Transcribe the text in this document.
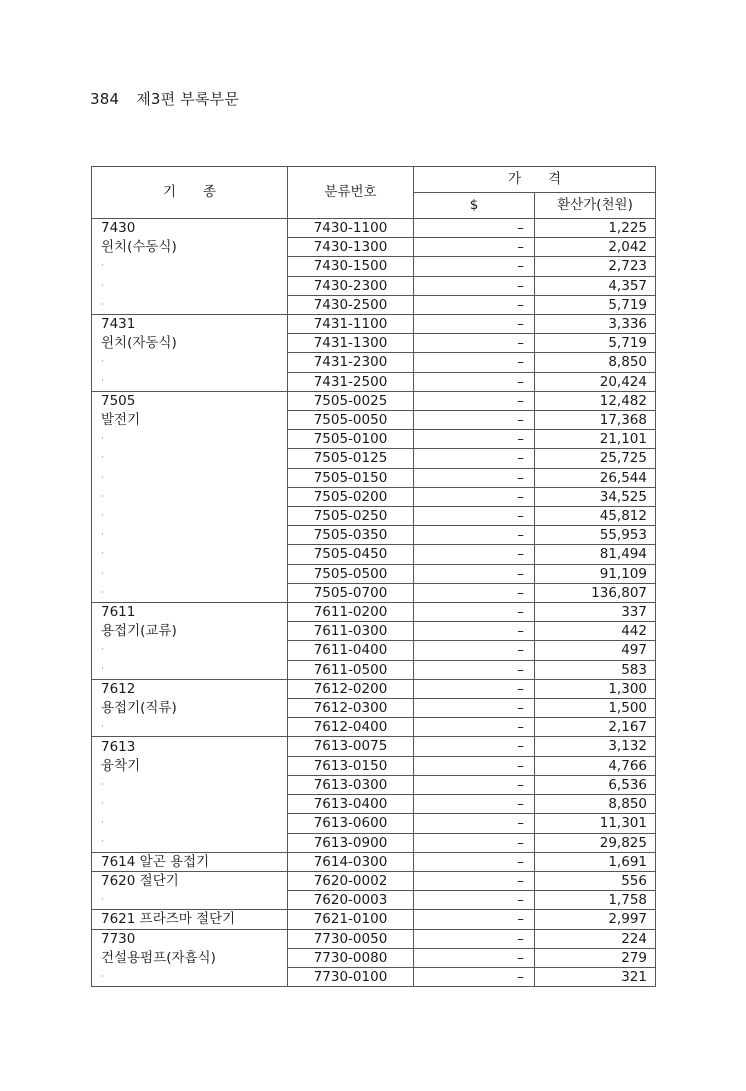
384 제3편 부록부문
기　　종	분류번호	가　　격	
		$	환산가(천원)
7430	7430-1100	–	1,225
윈치(수동식)	7430-1300	–	2,042
·	7430-1500	–	2,723
·	7430-2300	–	4,357
·	7430-2500	–	5,719
7431	7431-1100	–	3,336
윈치(자동식)	7431-1300	–	5,719
·	7431-2300	–	8,850
·	7431-2500	–	20,424
7505	7505-0025	–	12,482
발전기	7505-0050	–	17,368
·	7505-0100	–	21,101
·	7505-0125	–	25,725
·	7505-0150	–	26,544
·	7505-0200	–	34,525
·	7505-0250	–	45,812
·	7505-0350	–	55,953
·	7505-0450	–	81,494
·	7505-0500	–	91,109
·	7505-0700	–	136,807
7611	7611-0200	–	337
용접기(교류)	7611-0300	–	442
·	7611-0400	–	497
·	7611-0500	–	583
7612	7612-0200	–	1,300
용접기(직류)	7612-0300	–	1,500
·	7612-0400	–	2,167
7613	7613-0075	–	3,132
융착기	7613-0150	–	4,766
·	7613-0300	–	6,536
·	7613-0400	–	8,850
·	7613-0600	–	11,301
·	7613-0900	–	29,825
7614 알곤 용접기	7614-0300	–	1,691
7620 절단기	7620-0002	–	556
·	7620-0003	–	1,758
7621 프라즈마 절단기	7621-0100	–	2,997
7730	7730-0050	–	224
건설용펌프(자흡식)	7730-0080	–	279
·	7730-0100	–	321
